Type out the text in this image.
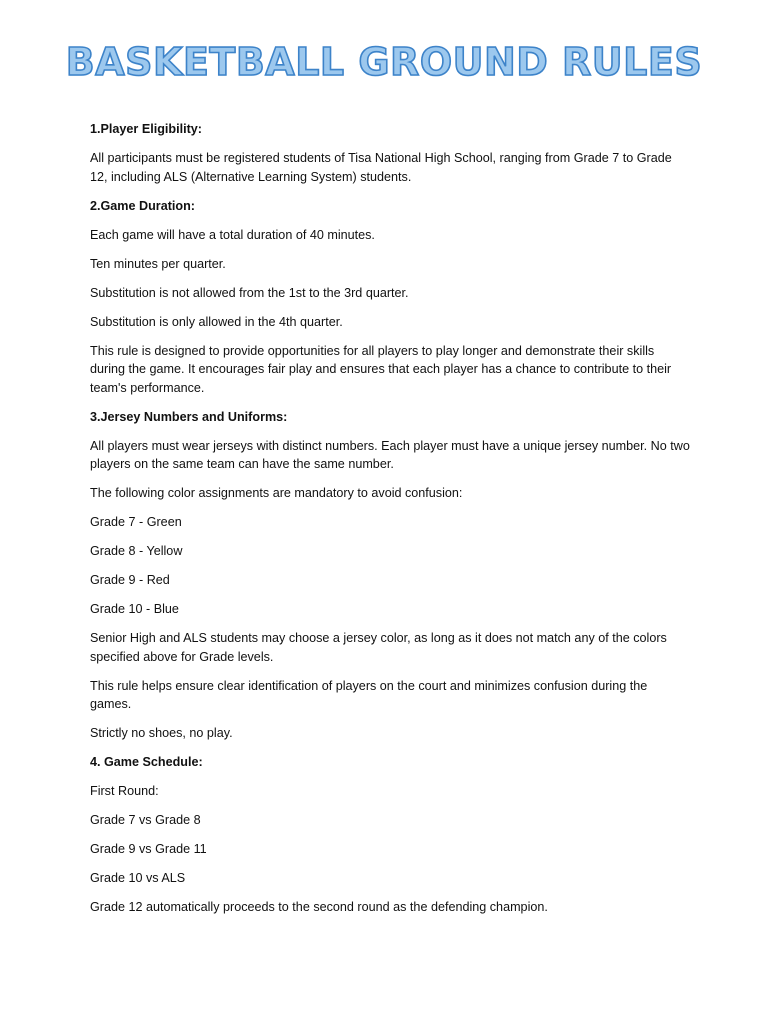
BASKETBALL GROUND RULES

1.Player Eligibility:

All participants must be registered students of Tisa National High School, ranging from Grade 7 to Grade 12, including ALS (Alternative Learning System) students.

2.Game Duration:

Each game will have a total duration of 40 minutes.

Ten minutes per quarter.

Substitution is not allowed from the 1st to the 3rd quarter.

Substitution is only allowed in the 4th quarter.

This rule is designed to provide opportunities for all players to play longer and demonstrate their skills during the game. It encourages fair play and ensures that each player has a chance to contribute to their team's performance.

3.Jersey Numbers and Uniforms:

All players must wear jerseys with distinct numbers. Each player must have a unique jersey number. No two players on the same team can have the same number.

The following color assignments are mandatory to avoid confusion:

Grade 7 - Green

Grade 8 - Yellow

Grade 9 - Red

Grade 10 - Blue

Senior High and ALS students may choose a jersey color, as long as it does not match any of the colors specified above for Grade levels.

This rule helps ensure clear identification of players on the court and minimizes confusion during the games.

Strictly no shoes, no play.

4. Game Schedule:

First Round:

Grade 7 vs Grade 8

Grade 9 vs Grade 11

Grade 10 vs ALS

Grade 12 automatically proceeds to the second round as the defending champion.
